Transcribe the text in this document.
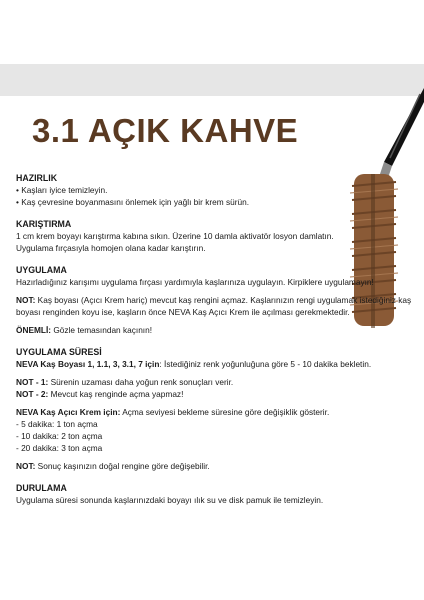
3.1 AÇIK KAHVE

HAZIRLIK

• Kaşları iyice temizleyin.

• Kaş çevresine boyanmasını önlemek için yağlı bir krem sürün.

KARIŞTIRMA

1 cm krem boyayı karıştırma kabına sıkın. Üzerine 10 damla aktivatör losyon damlatın.

Uygulama fırçasıyla homojen olana kadar karıştırın.

UYGULAMA

Hazırladığınız karışımı uygulama fırçası yardımıyla kaşlarınıza uygulayın. Kirpiklere uygulamayın!

NOT: Kaş boyası (Açıcı Krem hariç) mevcut kaş rengini açmaz. Kaşlarınızın rengi uygulamak istediğiniz kaş boyası renginden koyu ise, kaşların önce NEVA Kaş Açıcı Krem ile açılması gerekmektedir.

ÖNEMLİ: Gözle temasından kaçının!

UYGULAMA SÜRESİ

NEVA Kaş Boyası 1, 1.1, 3, 3.1, 7 için: İstediğiniz renk yoğunluğuna göre 5 - 10 dakika bekletin.

NOT - 1: Sürenin uzaması daha yoğun renk sonuçları verir.

NOT - 2: Mevcut kaş renginde açma yapmaz!

NEVA Kaş Açıcı Krem için: Açma seviyesi bekleme süresine göre değişiklik gösterir.

- 5 dakika: 1 ton açma

- 10 dakika: 2 ton açma

- 20 dakika: 3 ton açma

NOT: Sonuç kaşınızın doğal rengine göre değişebilir.

DURULAMA

Uygulama süresi sonunda kaşlarınızdaki boyayı ılık su ve disk pamuk ile temizleyin.
